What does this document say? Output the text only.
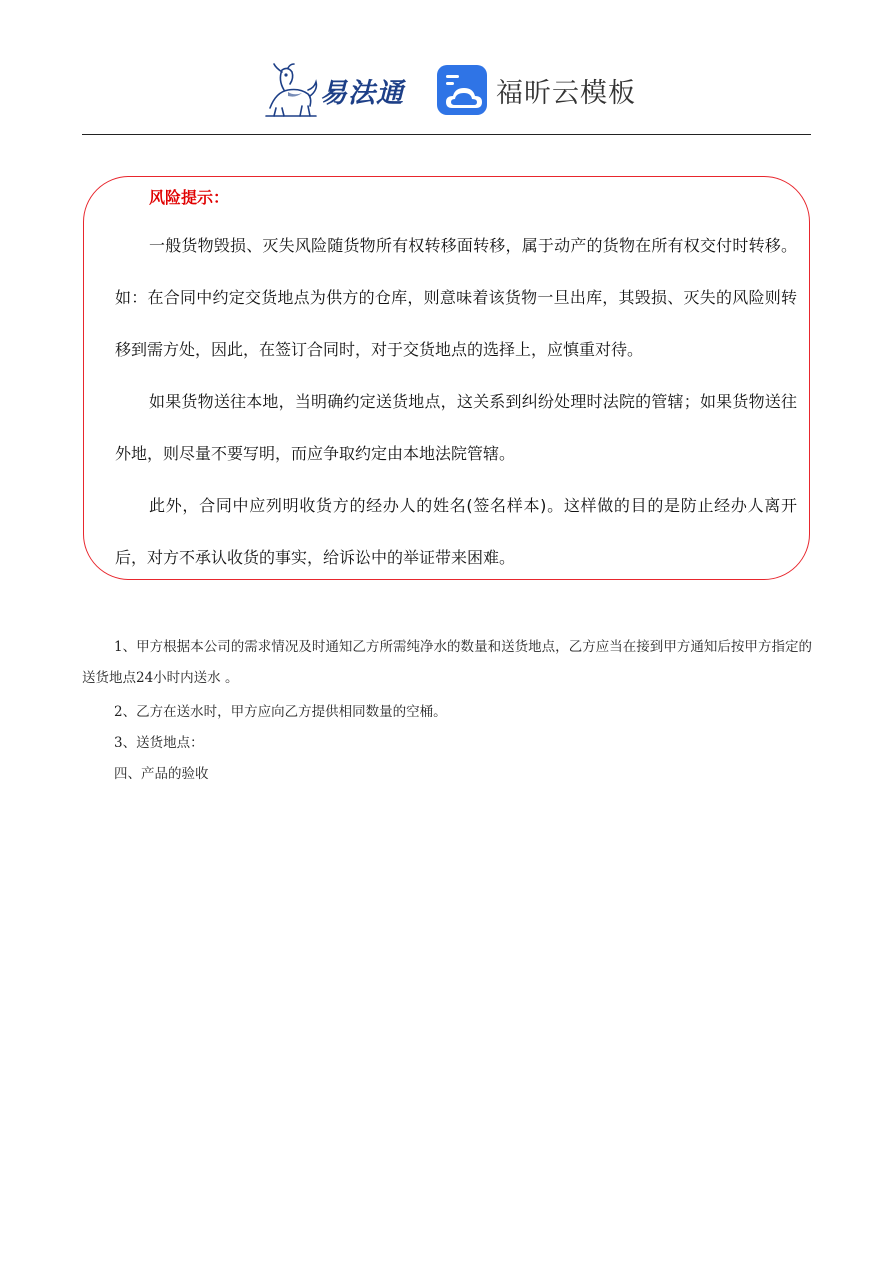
易法通	福昕云模板
风险提示：

一般货物毁损、灭失风险随货物所有权转移面转移，属于动产的货物在所有权交付时转移。如：在合同中约定交货地点为供方的仓库，则意味着该货物一旦出库，其毁损、灭失的风险则转移到需方处，因此，在签订合同时，对于交货地点的选择上，应慎重对待。

如果货物送往本地，当明确约定送货地点，这关系到纠纷处理时法院的管辖；如果货物送往外地，则尽量不要写明，而应争取约定由本地法院管辖。

此外，合同中应列明收货方的经办人的姓名(签名样本)。这样做的目的是防止经办人离开后，对方不承认收货的事实，给诉讼中的举证带来困难。

1、甲方根据本公司的需求情况及时通知乙方所需纯净水的数量和送货地点，乙方应当在接到甲方通知后按甲方指定的送货地点24小时内送水 。

2、乙方在送水时，甲方应向乙方提供相同数量的空桶。

3、送货地点：

四、产品的验收
